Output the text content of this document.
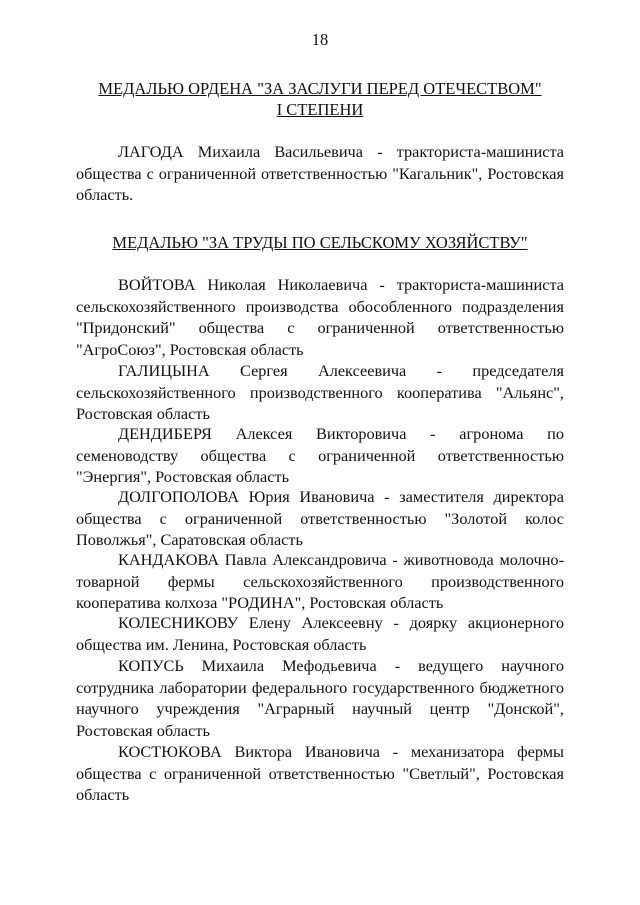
18
МЕДАЛЬЮ ОРДЕНА "ЗА ЗАСЛУГИ ПЕРЕД ОТЕЧЕСТВОМ"
I СТЕПЕНИ
ЛАГОДА Михаила Васильевича - тракториста-машиниста общества с ограниченной ответственностью "Кагальник", Ростовская область.
МЕДАЛЬЮ "ЗА ТРУДЫ ПО СЕЛЬСКОМУ ХОЗЯЙСТВУ"
ВОЙТОВА Николая Николаевича - тракториста-машиниста сельскохозяйственного производства обособленного подразделения "Придонский" общества с ограниченной ответственностью "АгроСоюз", Ростовская область
ГАЛИЦЫНА Сергея Алексеевича - председателя сельскохозяйственного производственного кооператива "Альянс", Ростовская область
ДЕНДИБЕРЯ Алексея Викторовича - агронома по семеноводству общества с ограниченной ответственностью "Энергия", Ростовская область
ДОЛГОПОЛОВА Юрия Ивановича - заместителя директора общества с ограниченной ответственностью "Золотой колос Поволжья", Саратовская область
КАНДАКОВА Павла Александровича - животновода молочно-товарной фермы сельскохозяйственного производственного кооператива колхоза "РОДИНА", Ростовская область
КОЛЕСНИКОВУ Елену Алексеевну - доярку акционерного общества им. Ленина, Ростовская область
КОПУСЬ Михаила Мефодьевича - ведущего научного сотрудника лаборатории федерального государственного бюджетного научного учреждения "Аграрный научный центр "Донской", Ростовская область
КОСТЮКОВА Виктора Ивановича - механизатора фермы общества с ограниченной ответственностью "Светлый", Ростовская область
